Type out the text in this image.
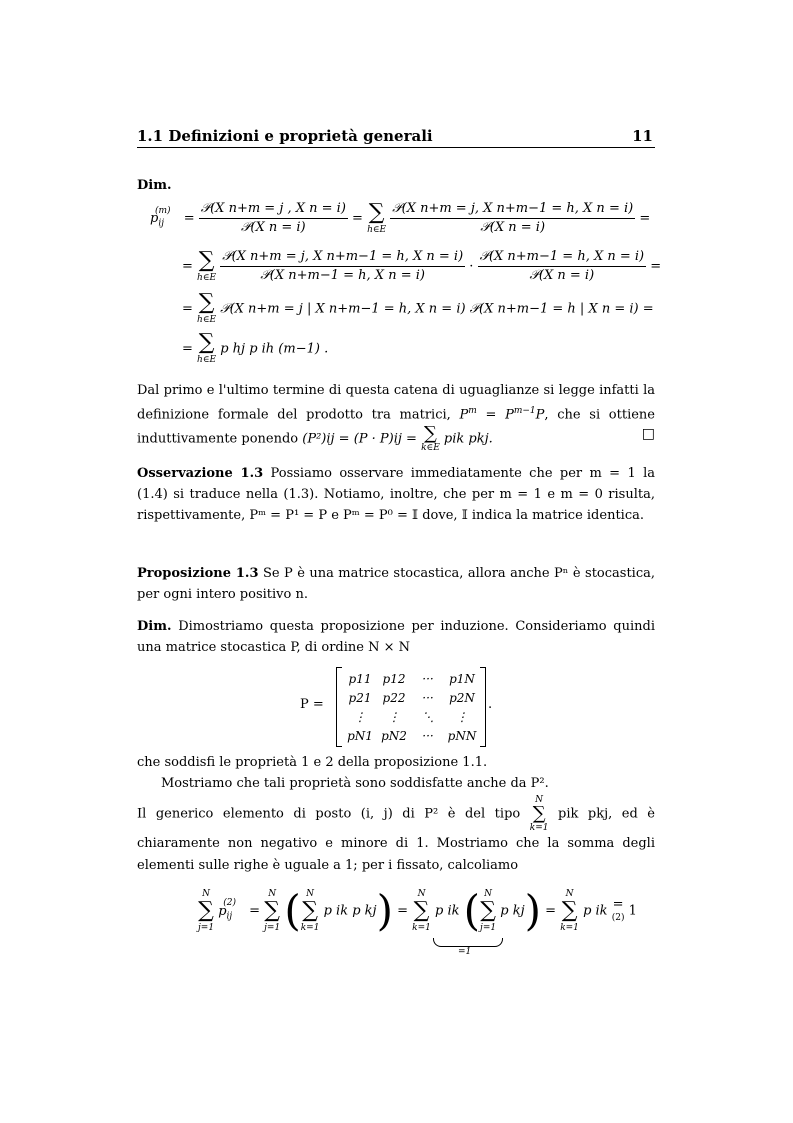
1.1 Definizioni e proprietà generali	11
Dim.
$p_{ij}^{(m)} = \frac{\text{𝒫(X n+m = j , X n = i)}}{\text{𝒫(X n = i)}}$ = ∑
h∈E
$\frac{\text{𝒫(X n+m = j, X n+m−1 = h, X n = i)}}{\text{𝒫(X n = i)}}$ =
= ∑
h∈E
$\frac{\text{𝒫(X n+m = j, X n+m−1 = h, X n = i)}}{\text{𝒫(X n+m−1 = h, X n = i)}} \cdot \frac{\text{𝒫(X n+m−1 = h, X n = i)}}{\text{𝒫(X n = i)}}$ =
= ∑
h∈E
𝒫(X n+m = j | X n+m−1 = h, X n = i) 𝒫(X n+m−1 = h | X n = i) =
= ∑
h∈E
p hj p ih (m−1) .
Dal primo e l'ultimo termine di questa catena di uguaglianze si legge infatti la definizione formale del prodotto tra matrici, $P^m = P^{m-1}P$, che si ottiene induttivamente ponendo (P²)ij = (P · P)ij = ∑
k∈E
pik pkj.	□
Osservazione 1.3 Possiamo osservare immediatamente che per m = 1 la (1.4) si traduce nella (1.3). Notiamo, inoltre, che per m = 1 e m = 0 risulta, rispettivamente, Pᵐ = P¹ = P e Pᵐ = P⁰ = 𝕀 dove, 𝕀 indica la matrice identica.
Proposizione 1.3 Se P è una matrice stocastica, allora anche Pⁿ è stocastica, per ogni intero positivo n.
Dim. Dimostriamo questa proposizione per induzione. Consideriamo quindi una matrice stocastica P, di ordine N × N
P =
p11	p12	···	p1N
p21	p22	···	p2N
⋮	⋮	⋱	⋮
pN1	pN2	···	pNN
.
che soddisfi le proprietà 1 e 2 della proposizione 1.1.
Mostriamo che tali proprietà sono soddisfatte anche da P².
Il generico elemento di posto (i, j) di P² è del tipo
N
∑
k=1
pik pkj, ed è chiaramente non negativo e minore di 1. Mostriamo che la somma degli elementi sulle righe è uguale a 1; per i fissato, calcoliamo
N
∑
j=1
$p_{ij}^{(2)}$ =
N
∑
j=1 ( N
∑
k=1
p ik p kj) =
N
∑
k=1
p ik ( N
∑
j=1
p kj) =
N
∑
k=1
p ik =
(2) 1
=1
